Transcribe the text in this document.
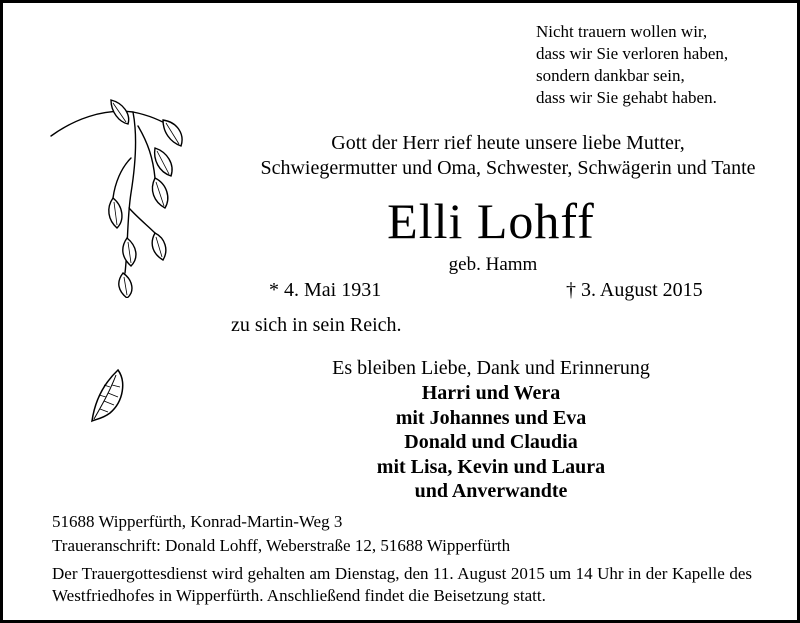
Nicht trauern wollen wir,
dass wir Sie verloren haben,
sondern dankbar sein,
dass wir Sie gehabt haben.
Gott der Herr rief heute unsere liebe Mutter,
Schwiegermutter und Oma, Schwester, Schwägerin und Tante
Elli Lohff
geb. Hamm
* 4. Mai 1931	† 3. August 2015
zu sich in sein Reich.
Es bleiben Liebe, Dank und Erinnerung
Harri und Wera
mit Johannes und Eva
Donald und Claudia
mit Lisa, Kevin und Laura
und Anverwandte
51688 Wipperfürth, Konrad-Martin-Weg 3
Traueranschrift: Donald Lohff, Weberstraße 12, 51688 Wipperfürth
Der Trauergottesdienst wird gehalten am Dienstag, den 11. August 2015 um 14 Uhr in der Kapelle des Westfriedhofes in Wipperfürth. Anschließend findet die Beisetzung statt.
